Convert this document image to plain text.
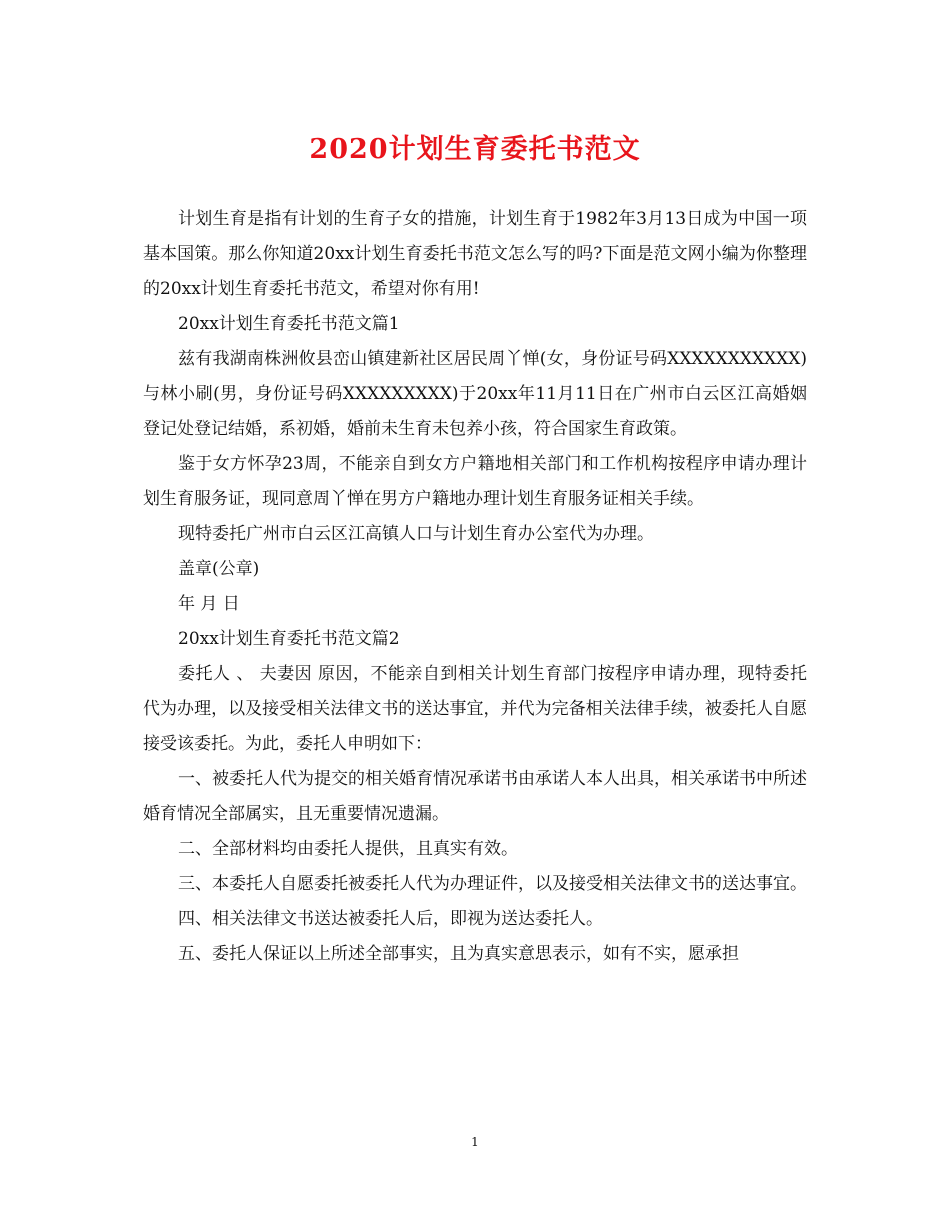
2020计划生育委托书范文

计划生育是指有计划的生育子女的措施，计划生育于1982年3月13日成为中国一项基本国策。那么你知道20xx计划生育委托书范文怎么写的吗?下面是范文网小编为你整理的20xx计划生育委托书范文，希望对你有用!

20xx计划生育委托书范文篇1

兹有我湖南株洲攸县峦山镇建新社区居民周丫惮(女，身份证号码XXXXXXXXXXX)与林小刷(男，身份证号码XXXXXXXXX)于20xx年11月11日在广州市白云区江高婚姻登记处登记结婚，系初婚，婚前未生育未包养小孩，符合国家生育政策。

鉴于女方怀孕23周，不能亲自到女方户籍地相关部门和工作机构按程序申请办理计划生育服务证，现同意周丫惮在男方户籍地办理计划生育服务证相关手续。

现特委托广州市白云区江高镇人口与计划生育办公室代为办理。

盖章(公章)

年 月 日

20xx计划生育委托书范文篇2

委托人 、 夫妻因 原因，不能亲自到相关计划生育部门按程序申请办理，现特委托 代为办理，以及接受相关法律文书的送达事宜，并代为完备相关法律手续，被委托人自愿接受该委托。为此，委托人申明如下：

一、被委托人代为提交的相关婚育情况承诺书由承诺人本人出具，相关承诺书中所述婚育情况全部属实，且无重要情况遗漏。

二、全部材料均由委托人提供，且真实有效。

三、本委托人自愿委托被委托人代为办理证件，以及接受相关法律文书的送达事宜。

四、相关法律文书送达被委托人后，即视为送达委托人。

五、委托人保证以上所述全部事实，且为真实意思表示，如有不实，愿承担

1
